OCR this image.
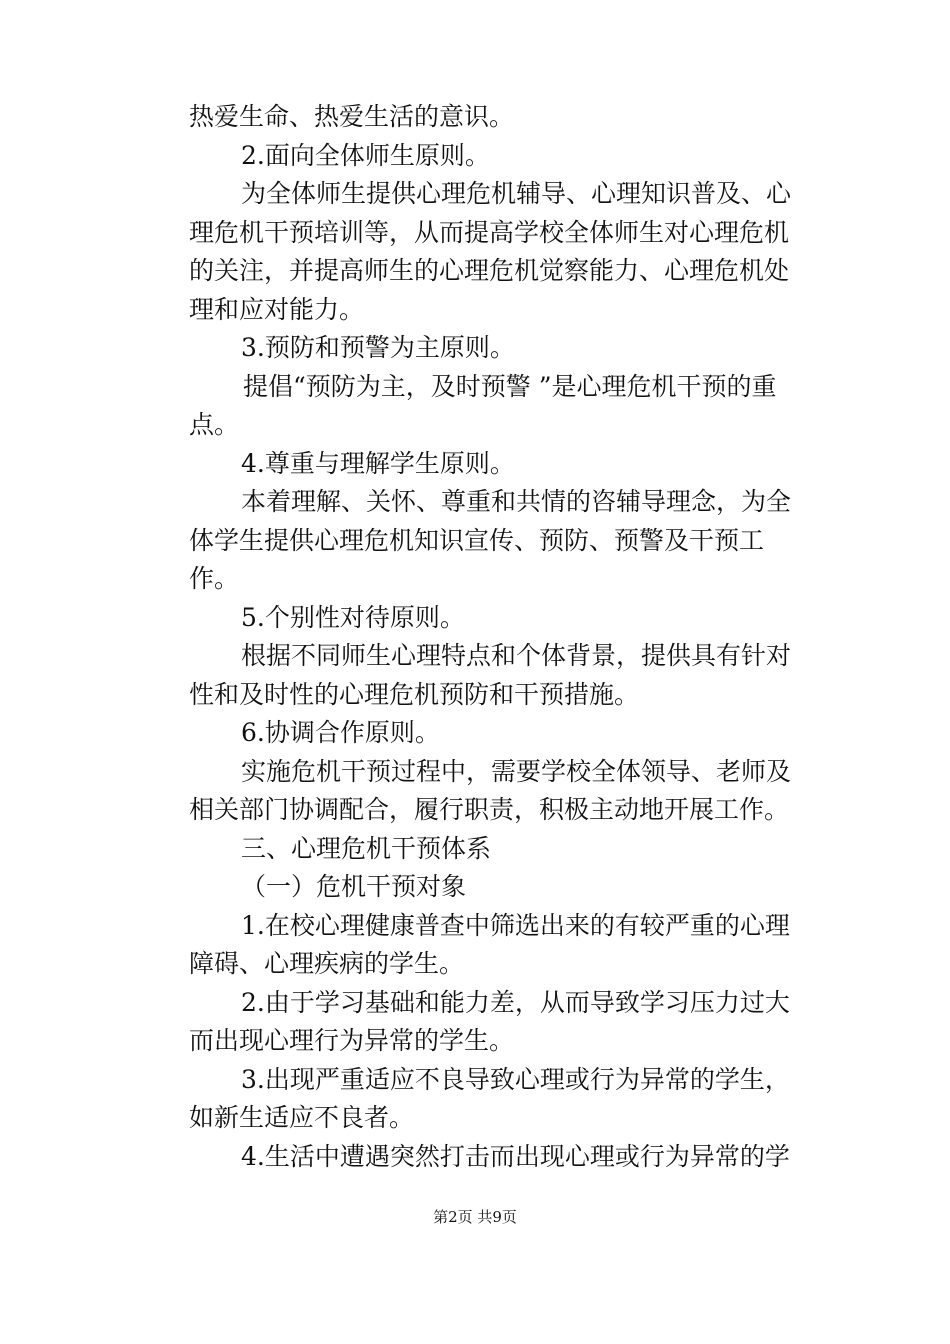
热爱生命、热爱生活的意识。
2.面向全体师生原则。
为全体师生提供心理危机辅导、心理知识普及、心
理危机干预培训等，从而提高学校全体师生对心理危机
的关注，并提高师生的心理危机觉察能力、心理危机处
理和应对能力。
3.预防和预警为主原则。
提倡“预防为主，及时预警 ”是心理危机干预的重
点。
4.尊重与理解学生原则。
本着理解、关怀、尊重和共情的咨辅导理念，为全
体学生提供心理危机知识宣传、预防、预警及干预工
作。
5.个别性对待原则。
根据不同师生心理特点和个体背景，提供具有针对
性和及时性的心理危机预防和干预措施。
6.协调合作原则。
实施危机干预过程中，需要学校全体领导、老师及
相关部门协调配合，履行职责，积极主动地开展工作。
三、心理危机干预体系
（一）危机干预对象
1.在校心理健康普查中筛选出来的有较严重的心理
障碍、心理疾病的学生。
2.由于学习基础和能力差，从而导致学习压力过大
而出现心理行为异常的学生。
3.出现严重适应不良导致心理或行为异常的学生，
如新生适应不良者。
4.生活中遭遇突然打击而出现心理或行为异常的学
第2页 共9页
